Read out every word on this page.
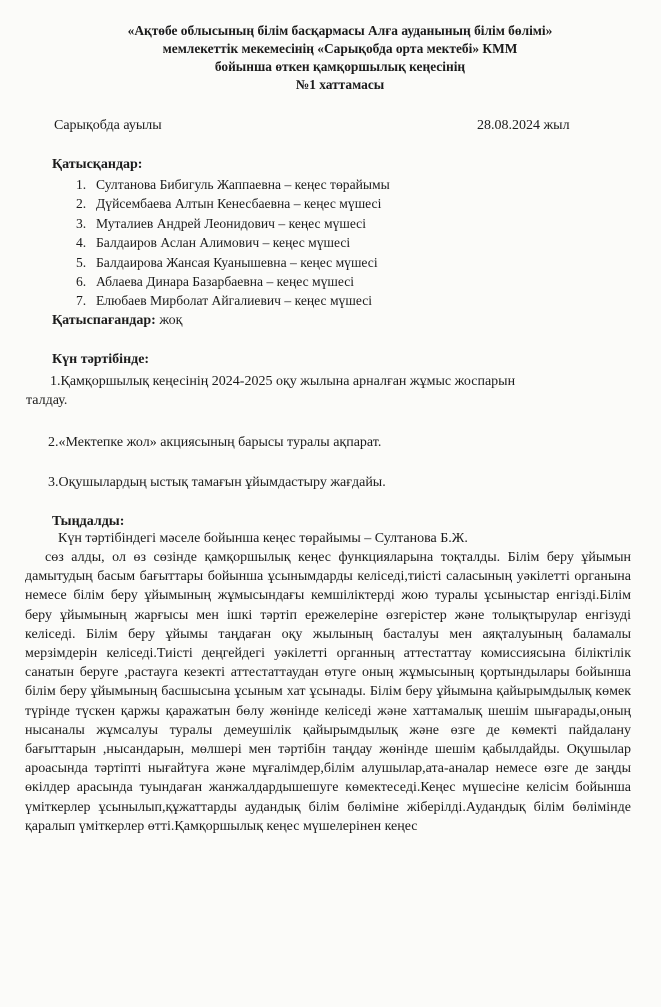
«Ақтөбе облысының білім басқармасы Алға ауданының білім бөлімі»
мемлекеттік мекемесінің «Сарықобда орта мектебі» КММ
бойынша өткен қамқоршылық кеңесінің
№1 хаттамасы
Сарықобда ауылы	28.08.2024 жыл
Қатысқандар:
1. Султанова Бибигуль Жаппаевна – кеңес төрайымы
2. Дүйсембаева Алтын Кенесбаевна – кеңес мүшесі
3. Муталиев Андрей Леонидович – кеңес мүшесі
4. Балдаиров Аслан Алимович – кеңес мүшесі
5. Балдаирова Жансая Куанышевна – кеңес мүшесі
6. Аблаева Динара Базарбаевна – кеңес мүшесі
7. Елюбаев Мирболат Айгалиевич – кеңес мүшесі
Қатыспағандар: жоқ
Күн тәртібінде:
1.Қамқоршылық кеңесінің 2024-2025 оқу жылына арналған жұмыс жоспарын
талдау.
2.«Мектепке жол» акциясының барысы туралы ақпарат.
3.Оқушылардың ыстық тамағын ұйымдастыру жағдайы.
Тыңдалды:
Күн тәртібіндегі мәселе бойынша кеңес төрайымы – Султанова Б.Ж.
сөз алды, ол өз сөзінде қамқоршылық кеңес функцияларына тоқталды. Білім беру ұйымын дамытудың басым бағыттары бойынша ұсынымдарды келіседі,тиісті саласының уәкілетті органына немесе білім беру ұйымының жұмысындағы кемшіліктерді жою туралы ұсыныстар енгізді.Білім беру ұйымының жарғысы мен ішкі тәртіп ережелеріне өзгерістер және толықтырулар енгізуді келіседі. Білім беру ұйымы таңдаған оқу жылының басталуы мен аяқталуының баламалы мерзімдерін келіседі.Тиісті деңгейдегі уәкілетті органның аттестаттау комиссиясына біліктілік санатын беруге ,растауга кезекті аттестаттаудан өтуге оның жұмысының қортындылары бойынша білім беру ұйымының басшысына ұсыным хат ұсынады. Білім беру ұйымына қайырымдылық көмек түрінде түскен қаржы қаражатын бөлу жөнінде келіседі және хаттамалық шешім шығарады,оның нысаналы жұмсалуы туралы демеушілік қайырымдылық және өзге де көмекті пайдалану бағыттарын ,нысандарын, мөлшері мен тәртібін таңдау жөнінде шешім қабылдайды. Оқушылар ароасында тәртіпті нығайтуға және мұғалімдер,білім алушылар,ата-аналар немесе өзге де заңды өкілдер арасында туындаған жанжалдардышешуге көмектеседі.Кеңес мүшесіне келісім бойынша үміткерлер ұсынылып,құжаттарды аудандық білім бөліміне жіберілді.Аудандық білім бөлімінде қаралып үміткерлер өтті.Қамқоршылық кеңес мүшелерінен кеңес
